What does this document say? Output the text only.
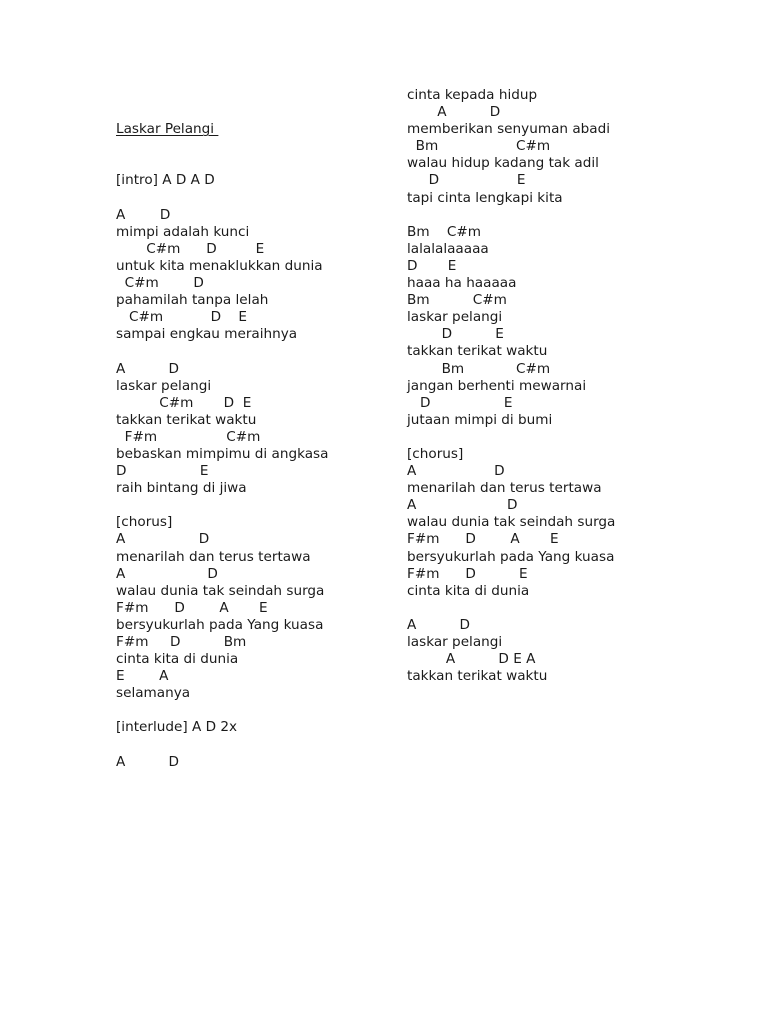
Laskar Pelangi

[intro] A D A D
A        D
mimpi adalah kunci
C#m      D         E
untuk kita menaklukkan dunia
C#m        D
pahamilah tanpa lelah
C#m           D    E
sampai engkau meraihnya
A          D
laskar pelangi
C#m       D  E
takkan terikat waktu
F#m                C#m
bebaskan mimpimu di angkasa
D                 E
raih bintang di jiwa
[chorus]
A                 D
menarilah dan terus tertawa
A                   D
walau dunia tak seindah surga
F#m      D        A       E
bersyukurlah pada Yang kuasa
F#m     D          Bm
cinta kita di dunia
E        A
selamanya
[interlude] A D 2x
A          D
cinta kepada hidup
A          D
memberikan senyuman abadi
Bm                  C#m
walau hidup kadang tak adil
D                  E
tapi cinta lengkapi kita
Bm    C#m
lalalalaaaaa
D       E
haaa ha haaaaa
Bm          C#m
laskar pelangi
D          E
takkan terikat waktu
Bm            C#m
jangan berhenti mewarnai
D                 E
jutaan mimpi di bumi
[chorus]
A                  D
menarilah dan terus tertawa
A                     D
walau dunia tak seindah surga
F#m      D        A       E
bersyukurlah pada Yang kuasa
F#m      D          E
cinta kita di dunia
A          D
laskar pelangi
A          D E A
takkan terikat waktu
